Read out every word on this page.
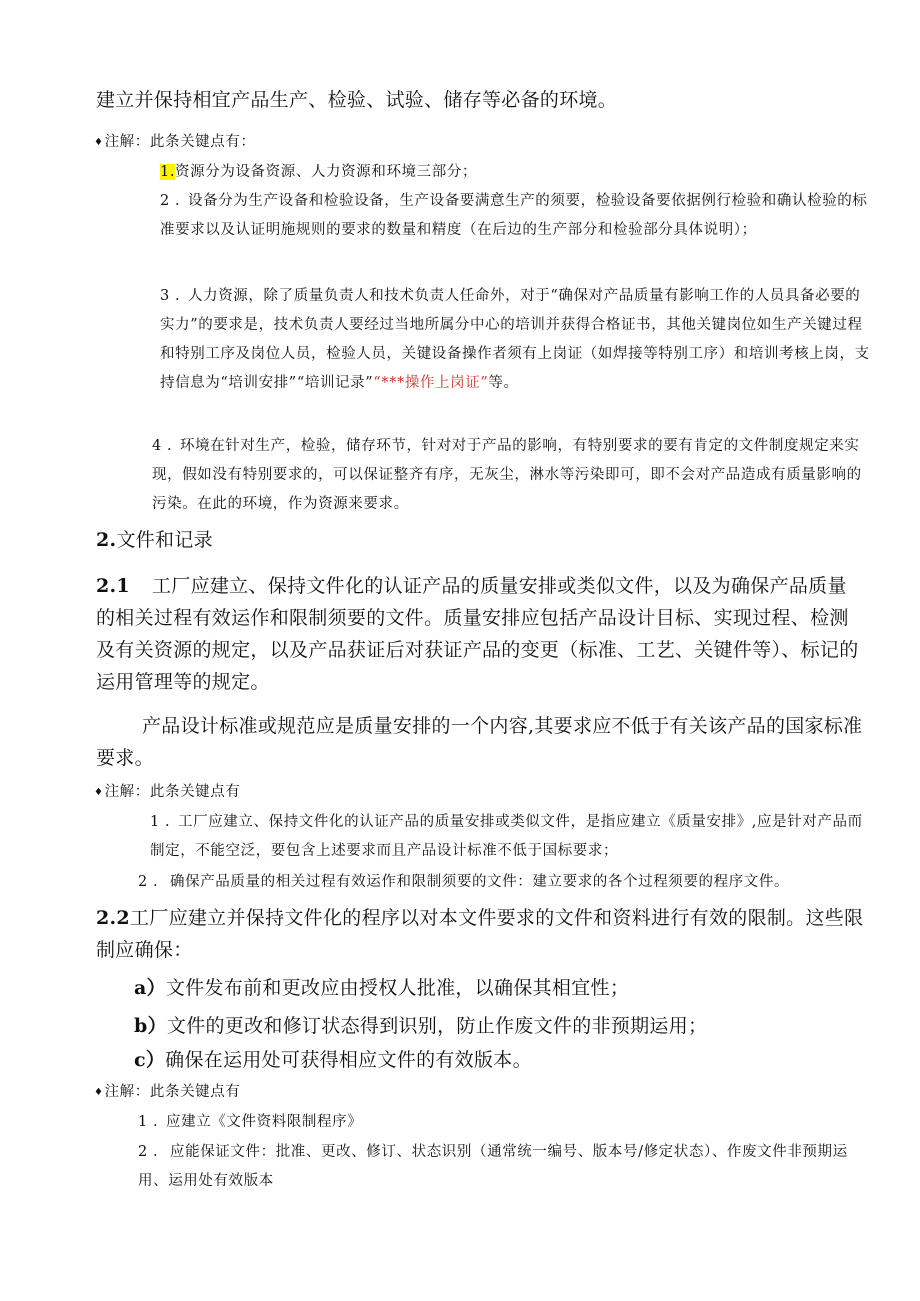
建立并保持相宜产品生产、检验、试验、储存等必备的环境。
♦注解：此条关键点有：
1.资源分为设备资源、人力资源和环境三部分；
2 . 设备分为生产设备和检验设备，生产设备要满意生产的须要，检验设备要依据例行检验和确认检验的标准要求以及认证明施规则的要求的数量和精度（在后边的生产部分和检验部分具体说明）；
3 . 人力资源，除了质量负责人和技术负责人任命外，对于“确保对产品质量有影响工作的人员具备必要的实力”的要求是，技术负责人要经过当地所属分中心的培训并获得合格证书，其他关键岗位如生产关键过程和特别工序及岗位人员，检验人员，关键设备操作者须有上岗证（如焊接等特别工序）和培训考核上岗，支持信息为“培训安排”“培训记录”“***操作上岗证”等。
4 . 环境在针对生产，检验，储存环节，针对对于产品的影响，有特别要求的要有肯定的文件制度规定来实现，假如没有特别要求的，可以保证整齐有序，无灰尘，淋水等污染即可，即不会对产品造成有质量影响的污染。在此的环境，作为资源来要求。
2.文件和记录
2.1 工厂应建立、保持文件化的认证产品的质量安排或类似文件，以及为确保产品质量的相关过程有效运作和限制须要的文件。质量安排应包括产品设计目标、实现过程、检测及有关资源的规定，以及产品获证后对获证产品的变更（标准、工艺、关键件等）、标记的运用管理等的规定。
产品设计标准或规范应是质量安排的一个内容,其要求应不低于有关该产品的国家标准要求。
♦注解：此条关键点有
1 . 工厂应建立、保持文件化的认证产品的质量安排或类似文件，是指应建立《质量安排》,应是针对产品而制定，不能空泛，要包含上述要求而且产品设计标准不低于国标要求；
2 . 确保产品质量的相关过程有效运作和限制须要的文件：建立要求的各个过程须要的程序文件。
2.2工厂应建立并保持文件化的程序以对本文件要求的文件和资料进行有效的限制。这些限制应确保：
a）文件发布前和更改应由授权人批准，以确保其相宜性；
b）文件的更改和修订状态得到识别，防止作废文件的非预期运用；
c）确保在运用处可获得相应文件的有效版本。
♦注解：此条关键点有
1 . 应建立《文件资料限制程序》
2 . 应能保证文件：批准、更改、修订、状态识别（通常统一编号、版本号/修定状态）、作废文件非预期运用、运用处有效版本
